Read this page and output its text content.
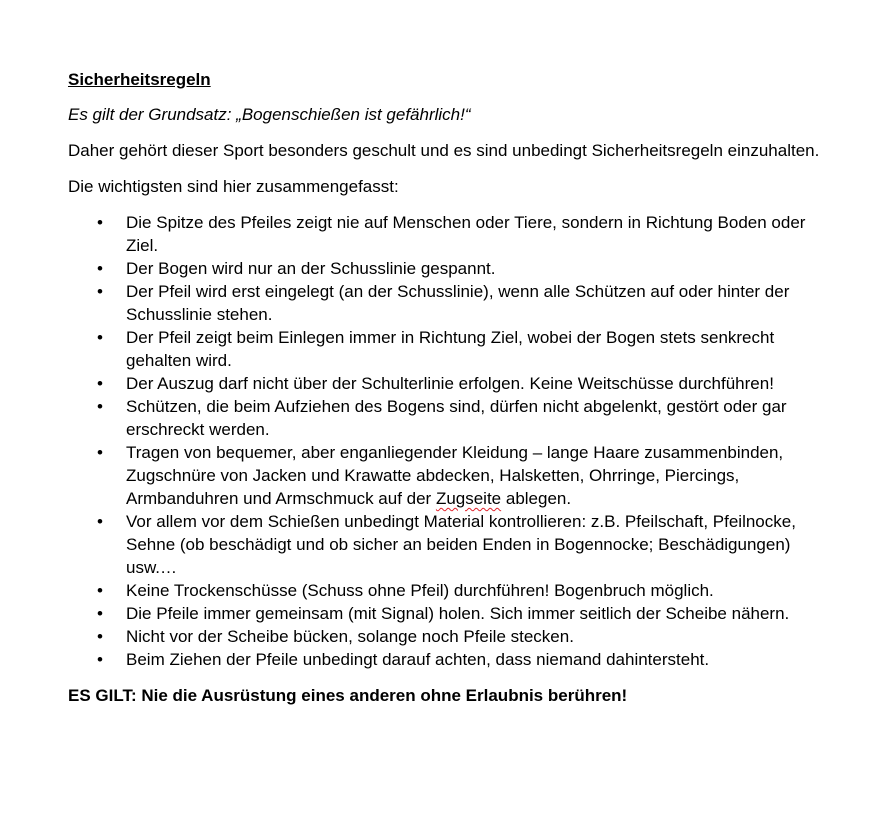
Sicherheitsregeln

Es gilt der Grundsatz: „Bogenschießen ist gefährlich!“

Daher gehört dieser Sport besonders geschult und es sind unbedingt Sicherheitsregeln einzuhalten.

Die wichtigsten sind hier zusammengefasst:

• Die Spitze des Pfeiles zeigt nie auf Menschen oder Tiere, sondern in Richtung Boden oder Ziel.
• Der Bogen wird nur an der Schusslinie gespannt.
• Der Pfeil wird erst eingelegt (an der Schusslinie), wenn alle Schützen auf oder hinter der Schusslinie stehen.
• Der Pfeil zeigt beim Einlegen immer in Richtung Ziel, wobei der Bogen stets senkrecht gehalten wird.
• Der Auszug darf nicht über der Schulterlinie erfolgen. Keine Weitschüsse durchführen!
• Schützen, die beim Aufziehen des Bogens sind, dürfen nicht abgelenkt, gestört oder gar erschreckt werden.
• Tragen von bequemer, aber enganliegender Kleidung – lange Haare zusammenbinden, Zugschnüre von Jacken und Krawatte abdecken, Halsketten, Ohrringe, Piercings, Armbanduhren und Armschmuck auf der Zugseite ablegen.
• Vor allem vor dem Schießen unbedingt Material kontrollieren: z.B. Pfeilschaft, Pfeilnocke, Sehne (ob beschädigt und ob sicher an beiden Enden in Bogennocke; Beschädigungen) usw.…
• Keine Trockenschüsse (Schuss ohne Pfeil) durchführen! Bogenbruch möglich.
• Die Pfeile immer gemeinsam (mit Signal) holen. Sich immer seitlich der Scheibe nähern.
• Nicht vor der Scheibe bücken, solange noch Pfeile stecken.
• Beim Ziehen der Pfeile unbedingt darauf achten, dass niemand dahintersteht.

ES GILT: Nie die Ausrüstung eines anderen ohne Erlaubnis berühren!
